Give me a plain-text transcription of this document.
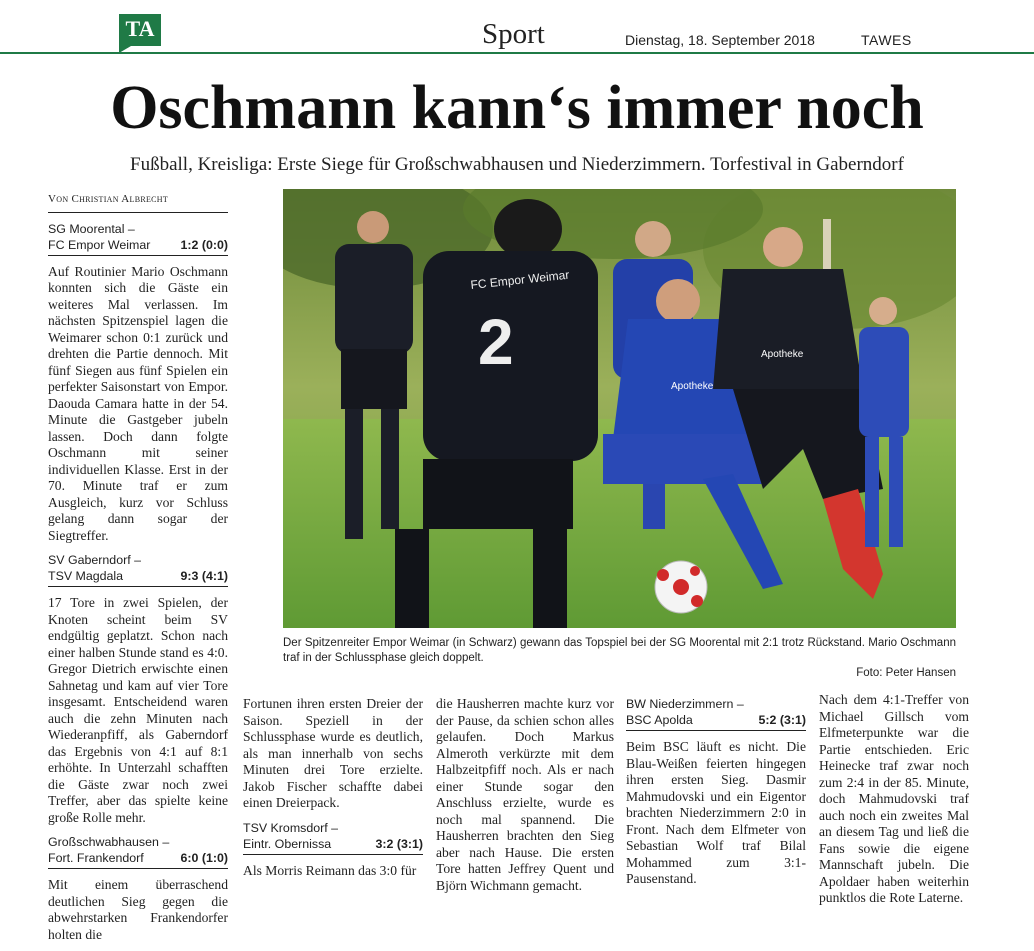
TA	Sport	Dienstag, 18. September 2018	TAWES
Oschmann kann‘s immer noch
Fußball, Kreisliga: Erste Siege für Großschwabhausen und Niederzimmern. Torfestival in Gaberndorf
Von Christian Albrecht
SG Moorental –
FC Empor Weimar 1:2 (0:0)

Auf Routinier Mario Oschmann konnten sich die Gäste ein weiteres Mal verlassen. Im nächsten Spitzenspiel lagen die Weimarer schon 0:1 zurück und drehten die Partie dennoch. Mit fünf Siegen aus fünf Spielen ein perfekter Saisonstart von Empor. Daouda Camara hatte in der 54. Minute die Gastgeber jubeln lassen. Doch dann folgte Oschmann mit seiner individuellen Klasse. Erst in der 70. Minute traf er zum Ausgleich, kurz vor Schluss gelang dann sogar der Siegtreffer.

SV Gaberndorf –
TSV Magdala	9:3 (4:1)

17 Tore in zwei Spielen, der Knoten scheint beim SV endgültig geplatzt. Schon nach einer halben Stunde stand es 4:0. Gregor Dietrich erwischte einen Sahnetag und kam auf vier Tore insgesamt. Entscheidend waren auch die zehn Minuten nach Wiederanpfiff, als Gaberndorf das Ergebnis von 4:1 auf 8:1 erhöhte. In Unterzahl schafften die Gäste zwar noch zwei Treffer, aber das spielte keine große Rolle mehr.

Großschwabhausen –
Fort. Frankendorf	6:0 (1:0)

Mit einem überraschend deutlichen Sieg gegen die abwehrstarken Frankendorfer holten die

FC Empor Weimar
2
Apotheke
Apotheke
Der Spitzenreiter Empor Weimar (in Schwarz) gewann das Topspiel bei der SG Moorental mit 2:1 trotz Rückstand. Mario Oschmann traf in der Schlussphase gleich doppelt.
Foto: Peter Hansen

Fortunen ihren ersten Dreier der Saison. Speziell in der Schlussphase wurde es deutlich, als man innerhalb von sechs Minuten drei Tore erzielte. Jakob Fischer schaffte dabei einen Dreierpack.

TSV Kromsdorf –
Eintr. Obernissa	3:2 (3:1)

Als Morris Reimann das 3:0 für

die Hausherren machte kurz vor der Pause, da schien schon alles gelaufen. Doch Markus Almeroth verkürzte mit dem Halbzeitpfiff noch. Als er nach einer Stunde sogar den Anschluss erzielte, wurde es noch mal spannend. Die Hausherren brachten den Sieg aber nach Hause. Die ersten Tore hatten Jeffrey Quent und Björn Wichmann gemacht.

BW Niederzimmern –
BSC Apolda	5:2 (3:1)

Beim BSC läuft es nicht. Die Blau-Weißen feierten hingegen ihren ersten Sieg. Dasmir Mahmudovski und ein Eigentor brachten Niederzimmern 2:0 in Front. Nach dem Elfmeter von Sebastian Wolf traf Bilal Mohammed zum 3:1-Pausenstand.

Nach dem 4:1-Treffer von Michael Gillsch vom Elfmeterpunkte war die Partie entschieden. Eric Heinecke traf zwar noch zum 2:4 in der 85. Minute, doch Mahmudovski traf auch noch ein zweites Mal an diesem Tag und ließ die Fans sowie die eigene Mannschaft jubeln. Die Apoldaer haben weiterhin punktlos die Rote Laterne.
